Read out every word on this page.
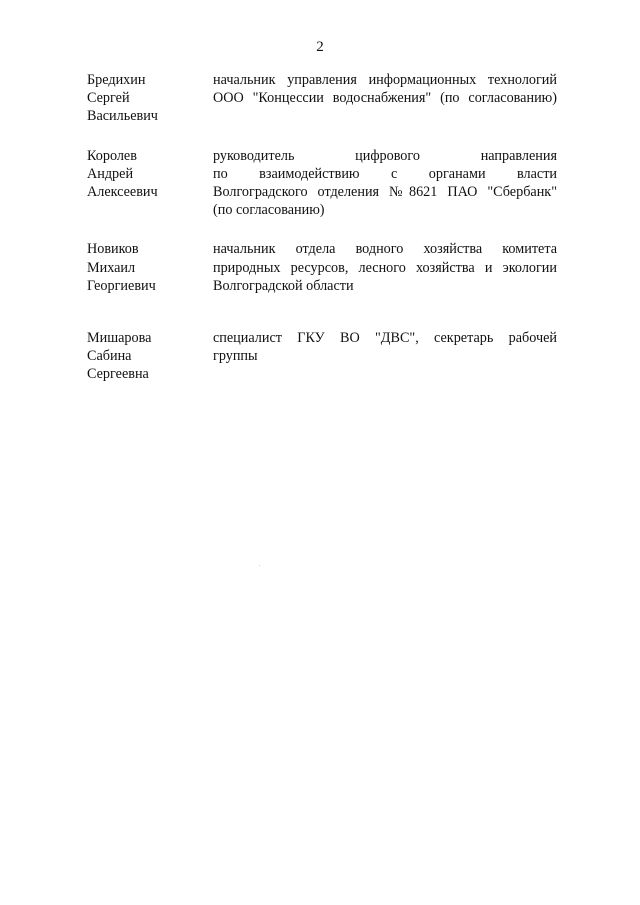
2
Бредихин
Сергей
Васильевич
начальник управления информационных технологий
ООО "Концессии водоснабжения" (по согласованию)
Королев
Андрей
Алексеевич
руководитель цифрового направления
по взаимодействию с органами власти
Волгоградского отделения №8621 ПАО "Сбербанк"
(по согласованию)
Новиков
Михаил
Георгиевич
начальник отдела водного хозяйства комитета
природных ресурсов, лесного хозяйства и экологии
Волгоградской области
Мишарова
Сабина
Сергеевна
специалист ГКУ ВО "ДВС", секретарь рабочей
группы
